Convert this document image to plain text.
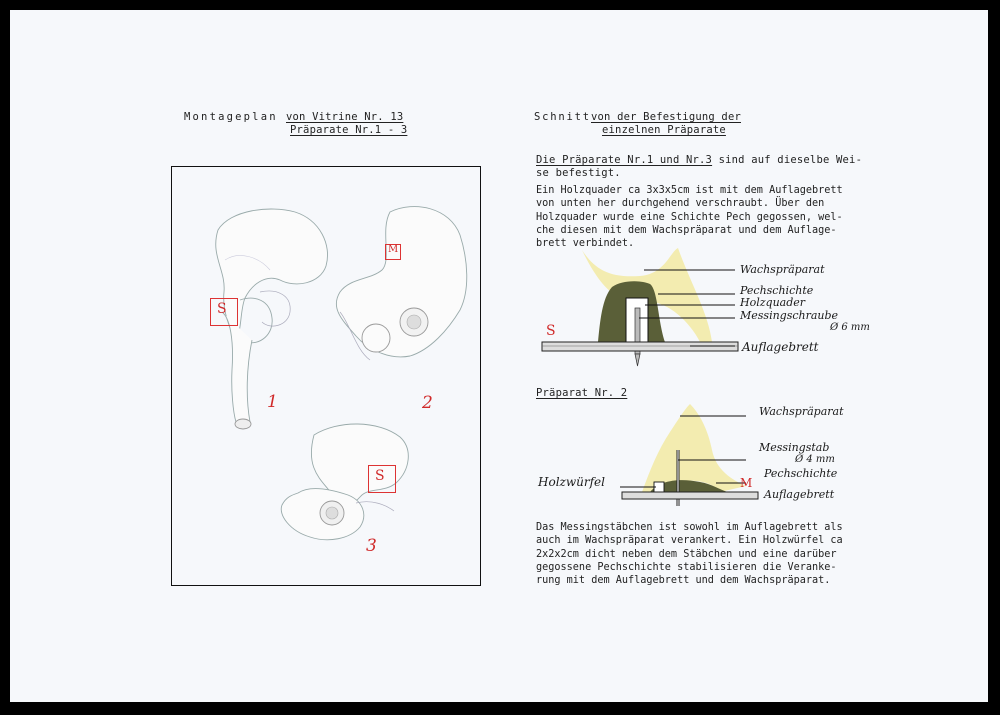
Montageplan von Vitrine Nr. 13
Präparate Nr.1 - 3
S
1
M
2
S
3
Schnitt von der Befestigung der
einzelnen Präparate
Die Präparate Nr.1 und Nr.3 sind auf dieselbe Wei-
se befestigt.
Ein Holzquader ca 3x3x5cm ist mit dem Auflagebrett
von unten her durchgehend verschraubt. Über den
Holzquader wurde eine Schichte Pech gegossen, wel-
che diesen mit dem Wachspräparat und dem Auflage-
brett verbindet.
S
Wachspräparat
Pechschichte
Holzquader
Messingschraube
Ø 6 mm
Auflagebrett
Präparat Nr. 2
M
Holzwürfel
Wachspräparat
Messingstab
Ø 4 mm
Pechschichte
Auflagebrett
Das Messingstäbchen ist sowohl im Auflagebrett als
auch im Wachspräparat verankert. Ein Holzwürfel ca
2x2x2cm dicht neben dem Stäbchen und eine darüber
gegossene Pechschichte stabilisieren die Veranke-
rung mit dem Auflagebrett und dem Wachspräparat.
